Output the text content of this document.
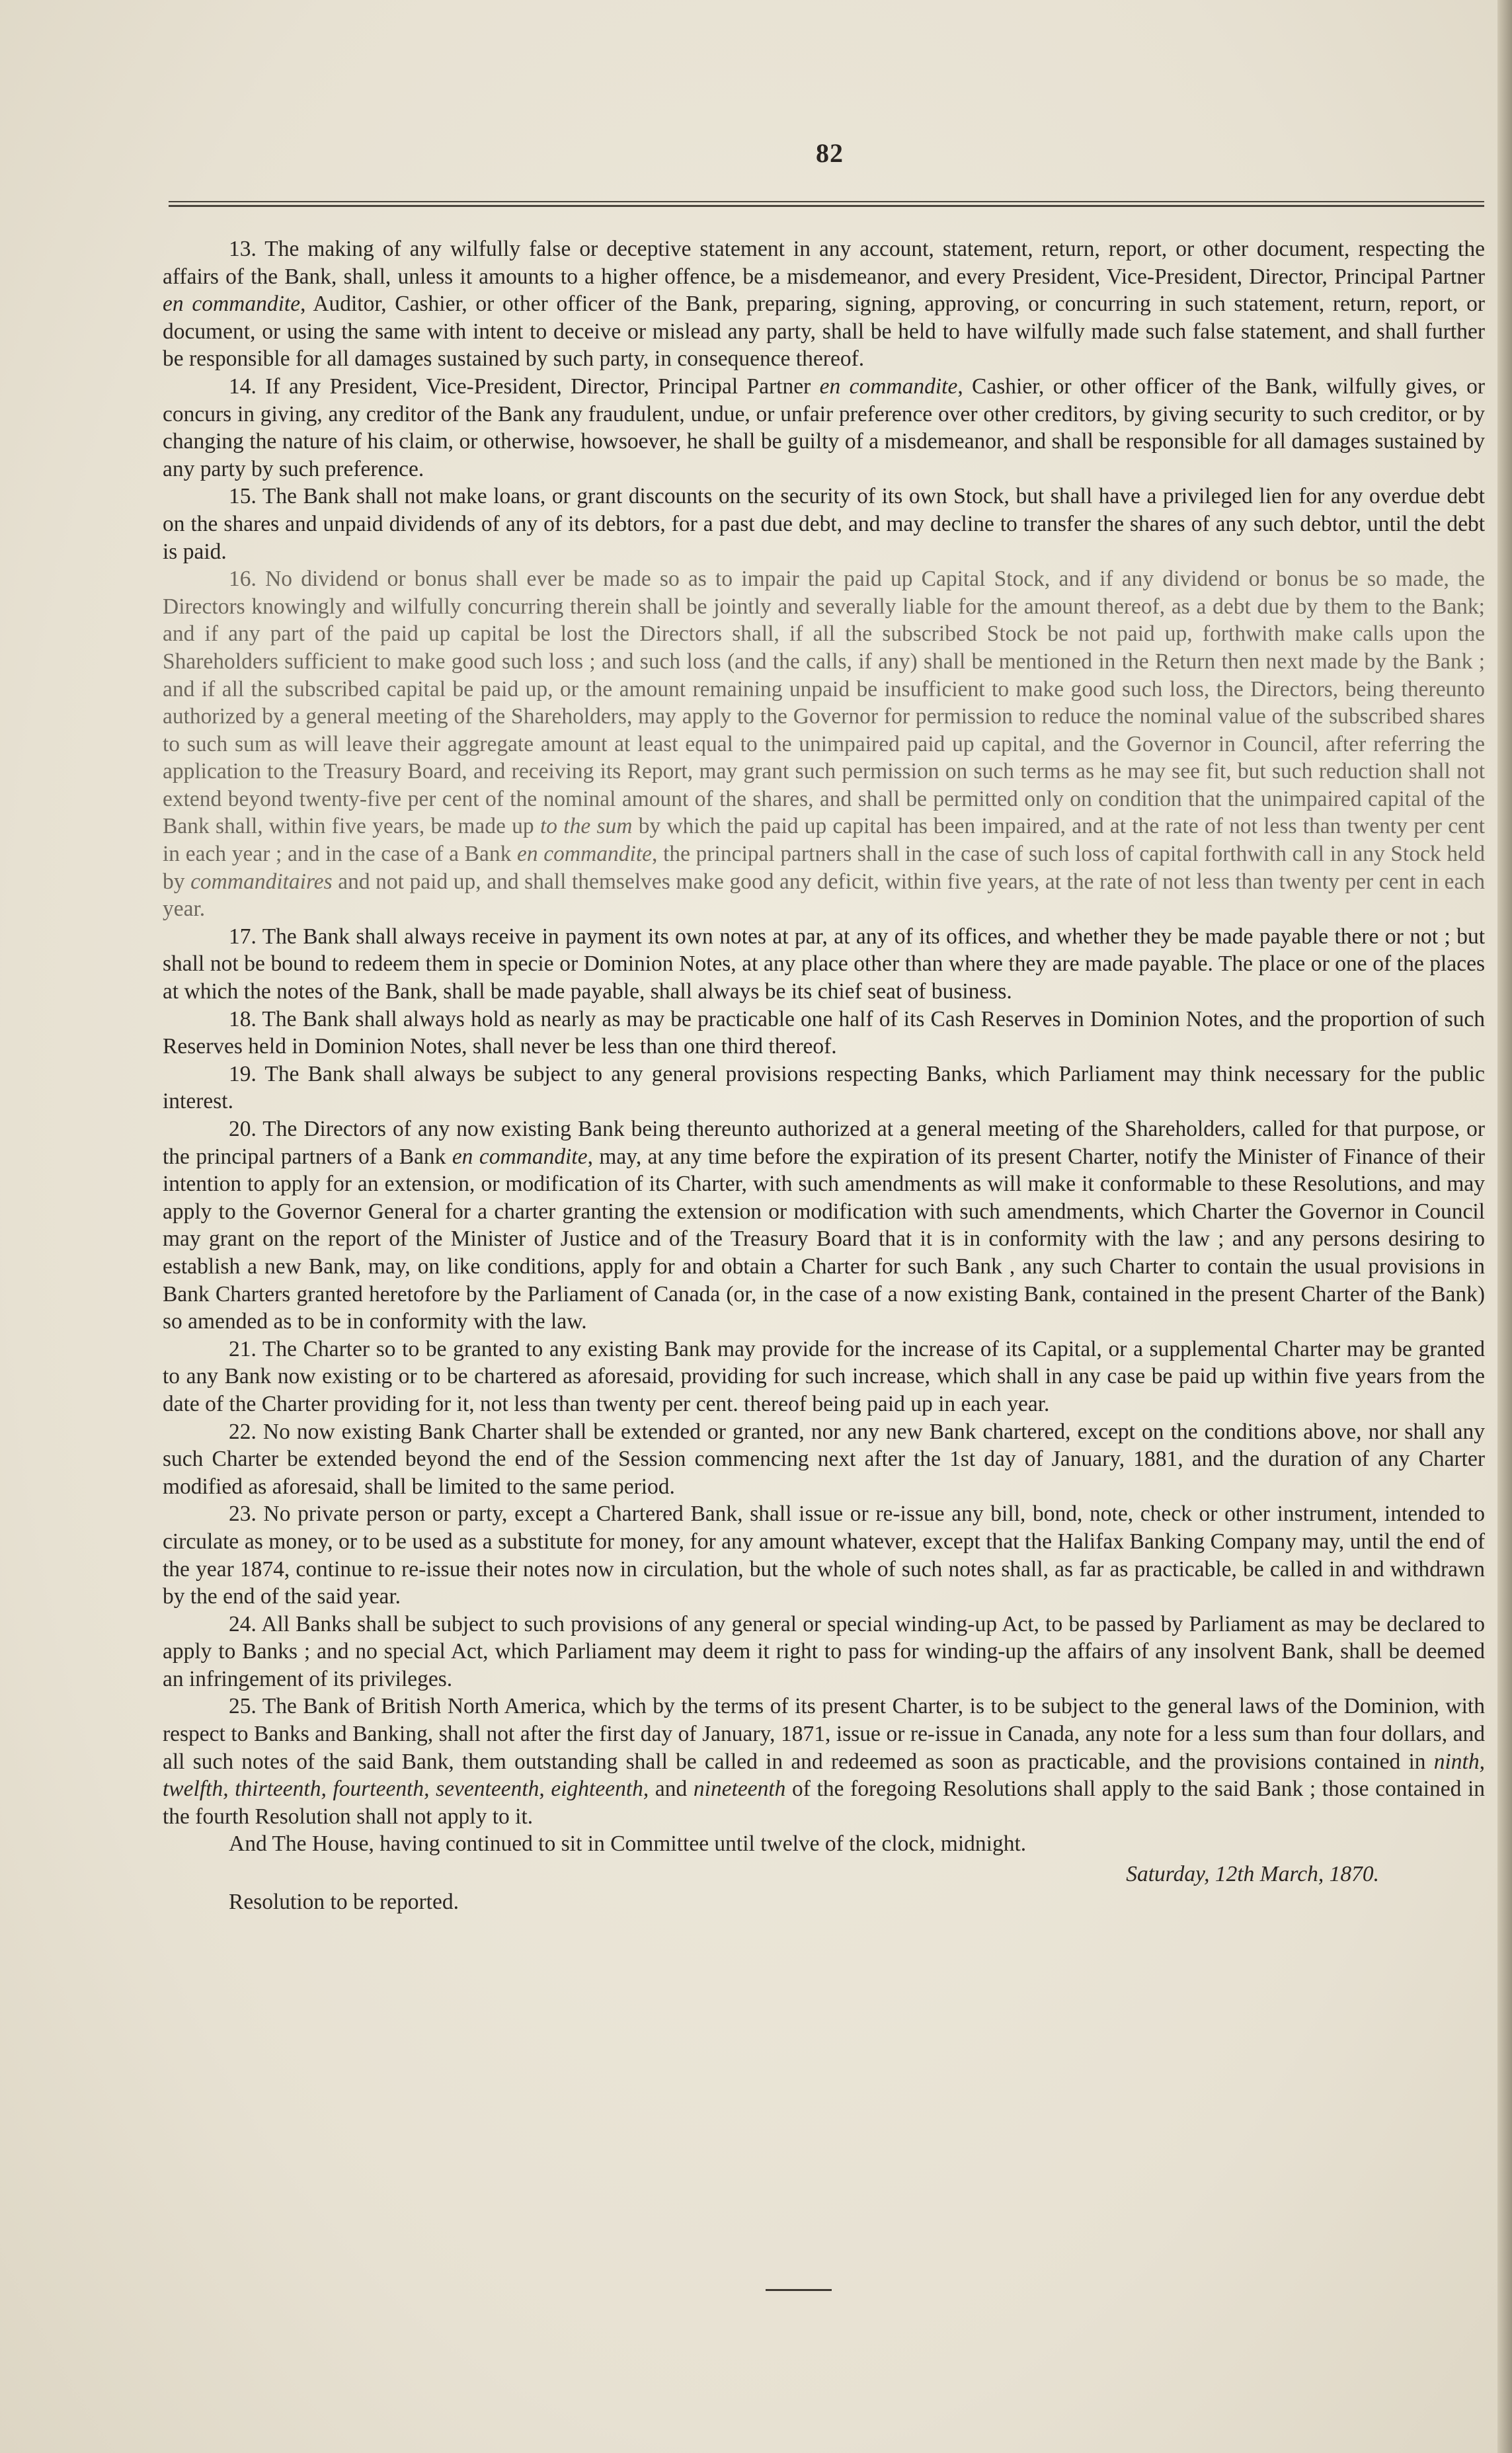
82

13. The making of any wilfully false or deceptive statement in any account, statement, return, report, or other document, respecting the affairs of the Bank, shall, unless it amounts to a higher offence, be a misdemeanor, and every President, Vice-President, Director, Principal Partner en commandite, Auditor, Cashier, or other officer of the Bank, preparing, signing, approving, or concurring in such statement, return, report, or document, or using the same with intent to deceive or mislead any party, shall be held to have wilfully made such false statement, and shall further be responsible for all damages sustained by such party, in consequence thereof.

14. If any President, Vice-President, Director, Principal Partner en commandite, Cashier, or other officer of the Bank, wilfully gives, or concurs in giving, any creditor of the Bank any fraudulent, undue, or unfair preference over other creditors, by giving security to such creditor, or by changing the nature of his claim, or otherwise, howsoever, he shall be guilty of a misdemeanor, and shall be responsible for all damages sustained by any party by such preference.

15. The Bank shall not make loans, or grant discounts on the security of its own Stock, but shall have a privileged lien for any overdue debt on the shares and unpaid dividends of any of its debtors, for a past due debt, and may decline to transfer the shares of any such debtor, until the debt is paid.

16. No dividend or bonus shall ever be made so as to impair the paid up Capital Stock, and if any dividend or bonus be so made, the Directors knowingly and wilfully concurring therein shall be jointly and severally liable for the amount thereof, as a debt due by them to the Bank; and if any part of the paid up capital be lost the Directors shall, if all the subscribed Stock be not paid up, forthwith make calls upon the Shareholders sufficient to make good such loss ; and such loss (and the calls, if any) shall be mentioned in the Return then next made by the Bank ; and if all the subscribed capital be paid up, or the amount remaining unpaid be insufficient to make good such loss, the Directors, being thereunto authorized by a general meeting of the Shareholders, may apply to the Governor for permission to reduce the nominal value of the subscribed shares to such sum as will leave their aggregate amount at least equal to the unimpaired paid up capital, and the Governor in Council, after referring the application to the Treasury Board, and receiving its Report, may grant such permission on such terms as he may see fit, but such reduction shall not extend beyond twenty-five per cent of the nominal amount of the shares, and shall be permitted only on condition that the unimpaired capital of the Bank shall, within five years, be made up to the sum by which the paid up capital has been impaired, and at the rate of not less than twenty per cent in each year ; and in the case of a Bank en commandite, the principal partners shall in the case of such loss of capital forthwith call in any Stock held by commanditaires and not paid up, and shall themselves make good any deficit, within five years, at the rate of not less than twenty per cent in each year.

17. The Bank shall always receive in payment its own notes at par, at any of its offices, and whether they be made payable there or not ; but shall not be bound to redeem them in specie or Dominion Notes, at any place other than where they are made payable. The place or one of the places at which the notes of the Bank, shall be made payable, shall always be its chief seat of business.

18. The Bank shall always hold as nearly as may be practicable one half of its Cash Reserves in Dominion Notes, and the proportion of such Reserves held in Dominion Notes, shall never be less than one third thereof.

19. The Bank shall always be subject to any general provisions respecting Banks, which Parliament may think necessary for the public interest.

20. The Directors of any now existing Bank being thereunto authorized at a general meeting of the Shareholders, called for that purpose, or the principal partners of a Bank en commandite, may, at any time before the expiration of its present Charter, notify the Minister of Finance of their intention to apply for an extension, or modification of its Charter, with such amendments as will make it conformable to these Resolutions, and may apply to the Governor General for a charter granting the extension or modification with such amendments, which Charter the Governor in Council may grant on the report of the Minister of Justice and of the Treasury Board that it is in conformity with the law ; and any persons desiring to establish a new Bank, may, on like conditions, apply for and obtain a Charter for such Bank , any such Charter to contain the usual provisions in Bank Charters granted heretofore by the Parliament of Canada (or, in the case of a now existing Bank, contained in the present Charter of the Bank) so amended as to be in conformity with the law.

21. The Charter so to be granted to any existing Bank may provide for the increase of its Capital, or a supplemental Charter may be granted to any Bank now existing or to be chartered as aforesaid, providing for such increase, which shall in any case be paid up within five years from the date of the Charter providing for it, not less than twenty per cent. thereof being paid up in each year.

22. No now existing Bank Charter shall be extended or granted, nor any new Bank chartered, except on the conditions above, nor shall any such Charter be extended beyond the end of the Session commencing next after the 1st day of January, 1881, and the duration of any Charter modified as aforesaid, shall be limited to the same period.

23. No private person or party, except a Chartered Bank, shall issue or re-issue any bill, bond, note, check or other instrument, intended to circulate as money, or to be used as a substitute for money, for any amount whatever, except that the Halifax Banking Company may, until the end of the year 1874, continue to re-issue their notes now in circulation, but the whole of such notes shall, as far as practicable, be called in and withdrawn by the end of the said year.

24. All Banks shall be subject to such provisions of any general or special winding-up Act, to be passed by Parliament as may be declared to apply to Banks ; and no special Act, which Parliament may deem it right to pass for winding-up the affairs of any insolvent Bank, shall be deemed an infringement of its privileges.

25. The Bank of British North America, which by the terms of its present Charter, is to be subject to the general laws of the Dominion, with respect to Banks and Banking, shall not after the first day of January, 1871, issue or re-issue in Canada, any note for a less sum than four dollars, and all such notes of the said Bank, them outstanding shall be called in and redeemed as soon as practicable, and the provisions contained in ninth, twelfth, thirteenth, fourteenth, seventeenth, eighteenth, and nineteenth of the foregoing Resolutions shall apply to the said Bank ; those contained in the fourth Resolution shall not apply to it.

And The House, having continued to sit in Committee until twelve of the clock, midnight.

Saturday, 12th March, 1870.

Resolution to be reported.
